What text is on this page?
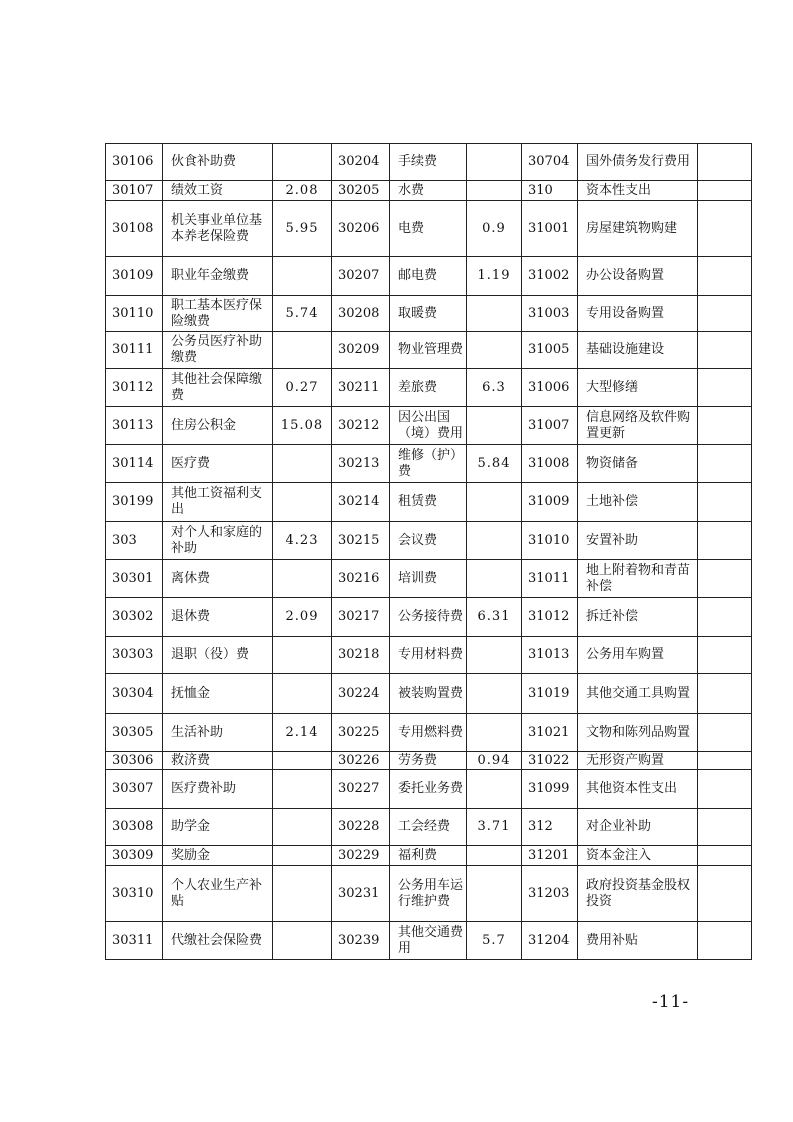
30106	伙食补助费		30204	手续费		30704	国外债务发行费用	
30107	绩效工资	2.08	30205	水费		310	资本性支出	
30108	机关事业单位基本养老保险费	5.95	30206	电费	0.9	31001	房屋建筑物购建	
30109	职业年金缴费		30207	邮电费	1.19	31002	办公设备购置	
30110	职工基本医疗保险缴费	5.74	30208	取暖费		31003	专用设备购置	
30111	公务员医疗补助缴费		30209	物业管理费		31005	基础设施建设	
30112	其他社会保障缴费	0.27	30211	差旅费	6.3	31006	大型修缮	
30113	住房公积金	15.08	30212	因公出国（境）费用		31007	信息网络及软件购置更新	
30114	医疗费		30213	维修（护）费	5.84	31008	物资储备	
30199	其他工资福利支出		30214	租赁费		31009	土地补偿	
303	对个人和家庭的补助	4.23	30215	会议费		31010	安置补助	
30301	离休费		30216	培训费		31011	地上附着物和青苗补偿	
30302	退休费	2.09	30217	公务接待费	6.31	31012	拆迁补偿	
30303	退职（役）费		30218	专用材料费		31013	公务用车购置	
30304	抚恤金		30224	被装购置费		31019	其他交通工具购置	
30305	生活补助	2.14	30225	专用燃料费		31021	文物和陈列品购置	
30306	救济费		30226	劳务费	0.94	31022	无形资产购置	
30307	医疗费补助		30227	委托业务费		31099	其他资本性支出	
30308	助学金		30228	工会经费	3.71	312	对企业补助	
30309	奖励金		30229	福利费		31201	资本金注入	
30310	个人农业生产补贴		30231	公务用车运行维护费		31203	政府投资基金股权投资	
30311	代缴社会保险费		30239	其他交通费用	5.7	31204	费用补贴	
-11-
